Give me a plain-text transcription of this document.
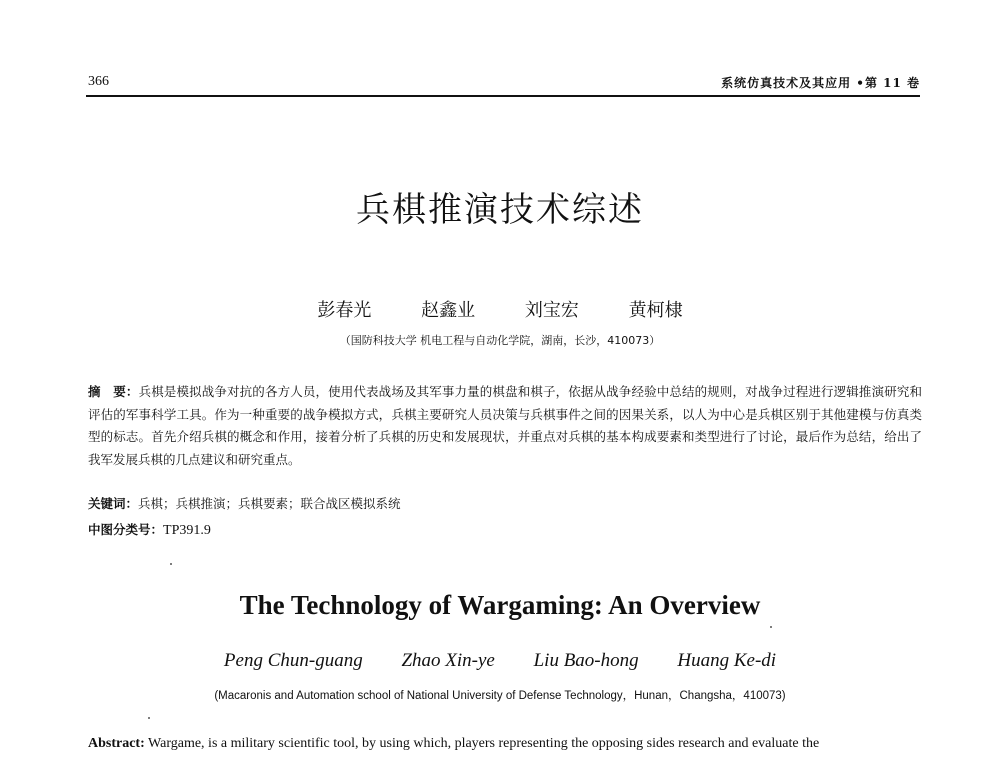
366	系统仿真技术及其应用 •第 11 卷
兵棋推演技术综述
彭春光	赵鑫业	刘宝宏	黄柯棣
（国防科技大学 机电工程与自动化学院，湖南，长沙，410073）
摘　要：兵棋是模拟战争对抗的各方人员，使用代表战场及其军事力量的棋盘和棋子，依据从战争经验中总结的规则，对战争过程进行逻辑推演研究和评估的军事科学工具。作为一种重要的战争模拟方式，兵棋主要研究人员决策与兵棋事件之间的因果关系，以人为中心是兵棋区别于其他建模与仿真类型的标志。首先介绍兵棋的概念和作用，接着分析了兵棋的历史和发展现状，并重点对兵棋的基本构成要素和类型进行了讨论，最后作为总结，给出了我军发展兵棋的几点建议和研究重点。
关键词：兵棋；兵棋推演；兵棋要素；联合战区模拟系统
中图分类号：TP391.9
The Technology of Wargaming: An Overview
Peng Chun-guang Zhao Xin-ye Liu Bao-hong Huang Ke-di
(Macaronis and Automation school of National University of Defense Technology，Hunan，Changsha，410073)
Abstract: Wargame, is a military scientific tool, by using which, players representing the opposing sides research and evaluate the
